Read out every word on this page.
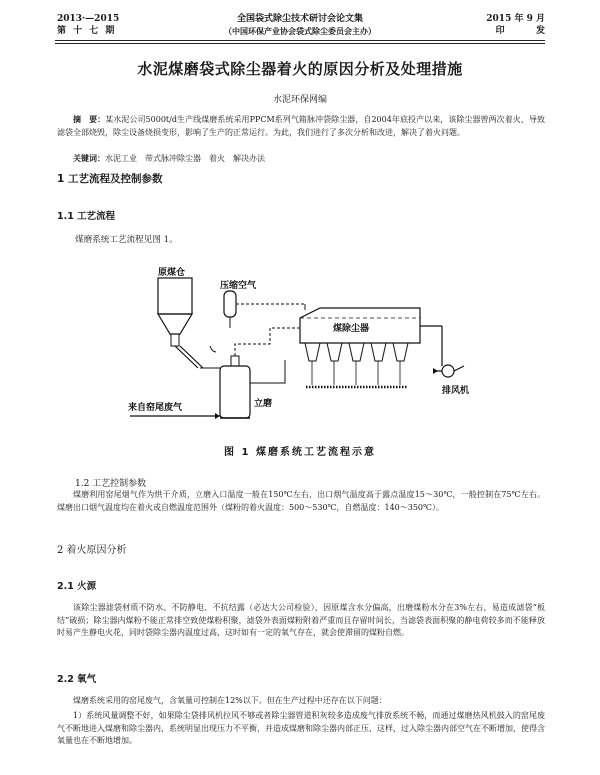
2013·—2015
第 十 七 期
全国袋式除尘技术研讨会论文集
（中国环保产业协会袋式除尘委员会主办）
2015 年 9 月
印          发
水泥煤磨袋式除尘器着火的原因分析及处理措施
水泥环保网编
摘　要：某水泥公司5000t/d生产线煤磨系统采用PPCM系列气箱脉冲袋除尘器，自2004年底投产以来，该除尘器曾两次着火，导致滤袋全部烧毁，除尘设备烧损变形，影响了生产的正常运行。为此，我们进行了多次分析和改进，解决了着火问题。
关键词：水泥工业　带式脉冲除尘器　着火　解决办法
1 工艺流程及控制参数
1.1 工艺流程
煤磨系统工艺流程见图 1。
原煤仓
压缩空气
煤除尘器
排风机
立磨
来自窑尾废气
图 1 煤磨系统工艺流程示意
1.2 工艺控制参数
煤磨利用窑尾烟气作为烘干介质，立磨入口温度一般在150℃左右，出口烟气温度高于露点温度15～30℃，一般控制在75℃左右。煤磨出口烟气温度均在着火或自燃温度范围外（煤粉的着火温度：500～530℃，自燃温度：140～350℃）。
2 着火原因分析
2.1 火源
该除尘器滤袋材质不防水、不防静电、不抗结露（必达大公司检验），因原煤含水分偏高，出磨煤粉水分在3%左右，易造成滤袋“板结”破损；除尘器内煤粉不能正常排空致使煤粉积聚，滤袋外表面煤粉附着严重而且存留时间长，当滤袋表面积聚的静电荷较多而不能释放时易产生静电火花，同时袋除尘器内温度过高，这时如有一定的氧气存在，就会使滞留的煤粉自燃。
2.2 氧气
煤磨系统采用的窑尾废气，含氧量可控制在12%以下。但在生产过程中还存在以下问题：
1）系统风量调整不好，如果除尘袋排风机拉风不够或者除尘器管道积灰较多造成废气排放系统不畅，而通过煤磨热风机鼓入的窑尾废气不断地进入煤磨和除尘器内，系统明显出现压力不平衡，并造成煤磨和除尘器内部正压，这样，过入除尘器内部空气在不断增加，使得含氧量也在不断地增加。
